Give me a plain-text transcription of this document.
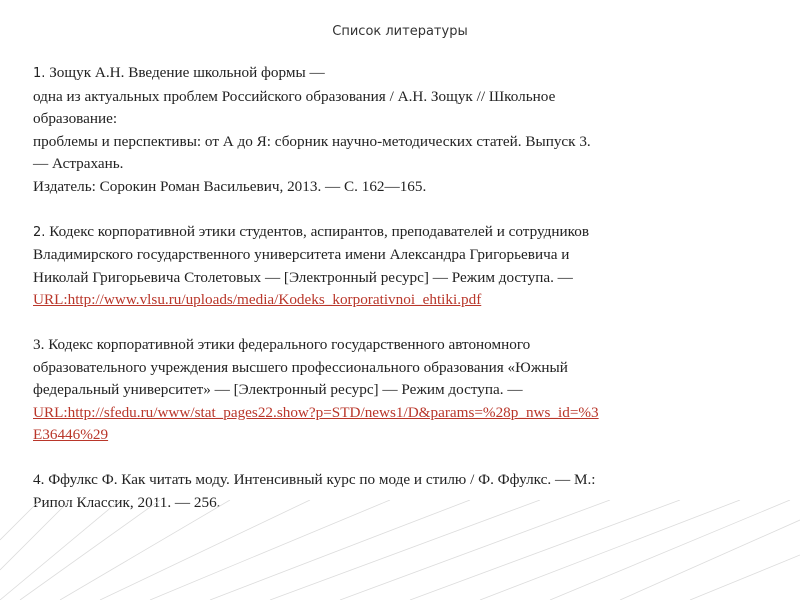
Список литературы
1. Зощук А.Н. Введение школьной формы —
одна из актуальных проблем Российского образования / А.Н. Зощук // Школьное
образование:
проблемы и перспективы: от А до Я: сборник научно-методических статей. Выпуск 3.
— Астрахань.
Издатель: Сорокин Роман Васильевич, 2013. — С. 162—165.
2. Кодекс корпоративной этики студентов, аспирантов, преподавателей и сотрудников
Владимирского государственного университета имени Александра Григорьевича и
Николай Григорьевича Столетовых — [Электронный ресурс] — Режим доступа. —
URL:http://www.vlsu.ru/uploads/media/Kodeks_korporativnoi_ehtiki.pdf
3. Кодекс корпоративной этики федерального государственного автономного
образовательного учреждения высшего профессионального образования «Южный
федеральный университет» — [Электронный ресурс] — Режим доступа. —
URL:http://sfedu.ru/www/stat_pages22.show?p=STD/news1/D&params=%28p_nws_id=%3
E36446%29
4. Ффулкс Ф. Как читать моду. Интенсивный курс по моде и стилю / Ф. Ффулкс. — М.:
Рипол Классик, 2011. — 256.
